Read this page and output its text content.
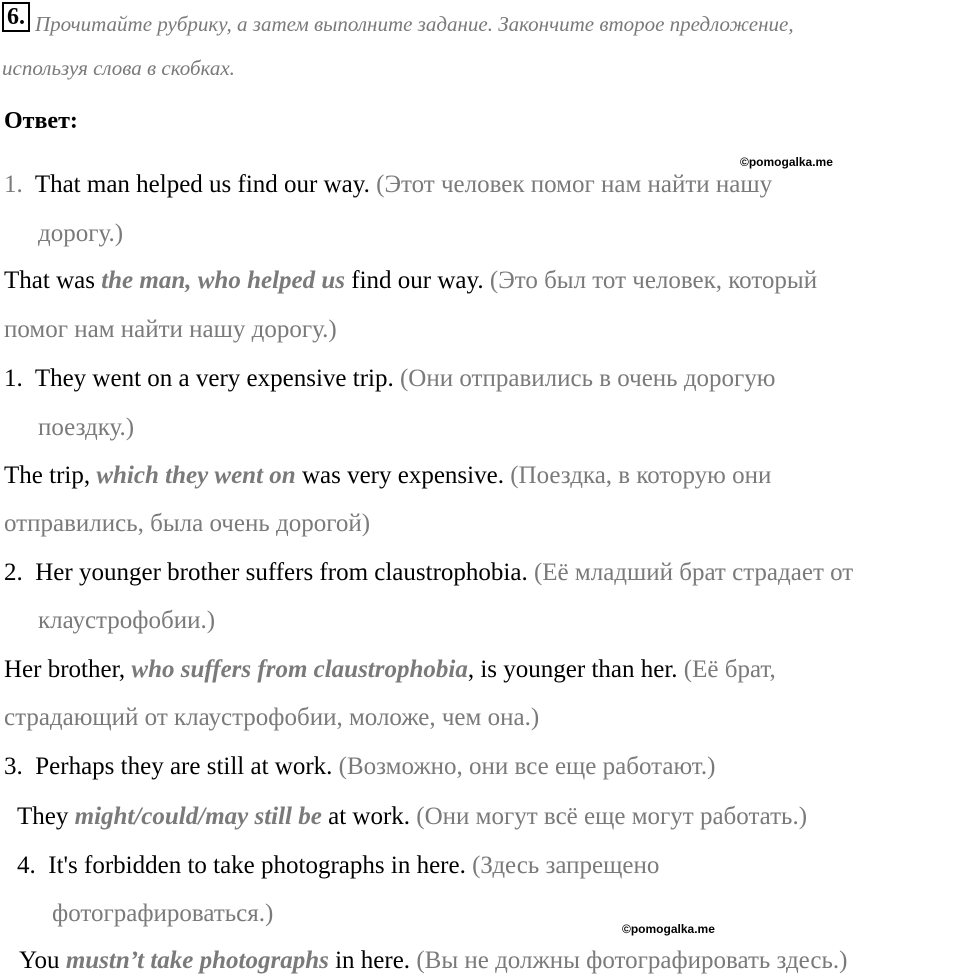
6. Прочитайте рубрику, а затем выполните задание. Закончите второе предложение,
используя слова в скобках.
Ответ:
©pomogalka.me
©pomogalka.me
1. That man helped us find our way. (Этот человек помог нам найти нашу
дорогу.)
That was the man, who helped us find our way. (Это был тот человек, который
помог нам найти нашу дорогу.)
1. They went on a very expensive trip. (Они отправились в очень дорогую
поездку.)
The trip, which they went on was very expensive. (Поездка, в которую они
отправились, была очень дорогой)
2. Her younger brother suffers from claustrophobia. (Её младший брат страдает от
клаустрофобии.)
Her brother, who suffers from claustrophobia, is younger than her. (Её брат,
страдающий от клаустрофобии, моложе, чем она.)
3. Perhaps they are still at work. (Возможно, они все еще работают.)
They might/could/may still be at work. (Они могут всё еще могут работать.)
4. It's forbidden to take photographs in here. (Здесь запрещено
фотографироваться.)
You mustn’t take photographs in here. (Вы не должны фотографировать здесь.)
